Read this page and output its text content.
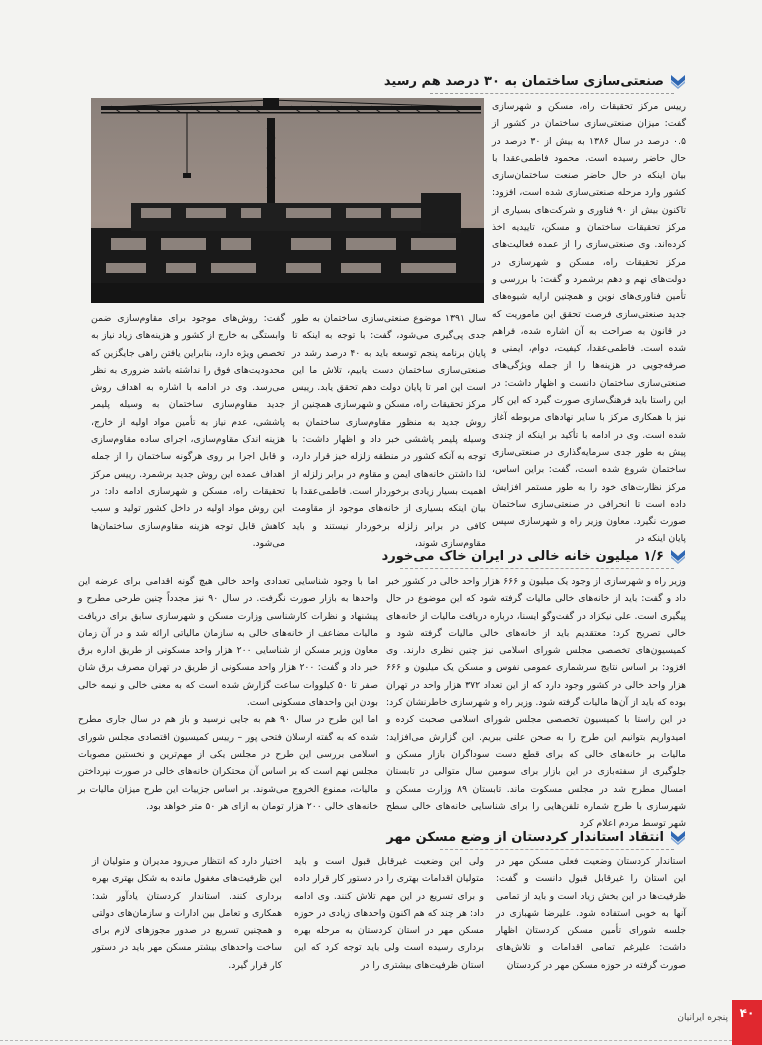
صنعتی‌سازی ساختمان به ۳۰ درصد هم رسید

رییس مرکز تحقیقات راه، مسکن و شهرسازی گفت: میزان صنعتی‌سازی ساختمان در کشور از ۰.۵ درصد در سال ۱۳۸۶ به بیش از ۳۰ درصد در حال حاضر رسیده است. محمود فاطمی‌عقدا با بیان اینکه در حال حاضر صنعت ساختمان‌سازی کشور وارد مرحله صنعتی‌سازی شده است، افزود: تاکنون بیش از ۹۰ فناوری و شرکت‌های بسیاری از مرکز تحقیقات ساختمان و مسکن، تاییدیه اخذ کرده‌اند. وی صنعتی‌سازی را از عمده فعالیت‌های مرکز تحقیقات راه، مسکن و شهرسازی در دولت‌های نهم و دهم برشمرد و گفت: با بررسی و تأمین فناوری‌های نوین و همچنین ارایه شیوه‌های جدید صنعتی‌سازی فرصت تحقق این ماموریت که در قانون به صراحت به آن اشاره شده، فراهم شده است. فاطمی‌عقدا، کیفیت، دوام، ایمنی و صرفه‌جویی در هزینه‌ها را از جمله ویژگی‌های صنعتی‌سازی ساختمان دانست و اظهار داشت: در این راستا باید فرهنگ‌سازی صورت گیرد که این کار نیز با همکاری مرکز با سایر نهادهای مربوطه آغاز شده است. وی در ادامه با تأکید بر اینکه از چندی پیش به طور جدی سرمایه‌گذاری در صنعتی‌سازی ساختمان شروع شده است، گفت: براین اساس، مرکز نظارت‌های خود را به طور مستمر افزایش داده است تا انحرافی در صنعتی‌سازی ساختمان صورت نگیرد. معاون وزیر راه و شهرسازی سپس پایان اینکه در

سال ۱۳۹۱ موضوع صنعتی‌سازی ساختمان به طور جدی پی‌گیری می‌شود، گفت: با توجه به اینکه تا پایان برنامه پنجم توسعه باید به ۴۰ درصد رشد در صنعتی‌سازی ساختمان دست یابیم، تلاش ما این است این امر تا پایان دولت دهم تحقق یابد. رییس مرکز تحقیقات راه، مسکن و شهرسازی همچنین از روش جدید به منظور مقاوم‌سازی ساختمان به وسیله پلیمر پاششی خبر داد و اظهار داشت: با توجه به آنکه کشور در منطقه زلزله خیز قرار دارد، لذا داشتن خانه‌های ایمن و مقاوم در برابر زلزله از اهمیت بسیار زیادی برخوردار است. فاطمی‌عقدا با بیان اینکه بسیاری از خانه‌های موجود از مقاومت کافی در برابر زلزله برخوردار نیستند و باید مقاوم‌سازی شوند،

گفت: روش‌های موجود برای مقاوم‌سازی ضمن وابستگی به خارج از کشور و هزینه‌های زیاد نیاز به تخصص ویژه دارد، بنابراین یافتن راهی جایگزین که محدودیت‌های فوق را نداشته باشد ضروری به نظر می‌رسد. وی در ادامه با اشاره به اهداف روش جدید مقاوم‌سازی ساختمان به وسیله پلیمر پاششی، عدم نیاز به تأمین مواد اولیه از خارج، هزینه اندک مقاوم‌سازی، اجرای ساده مقاوم‌سازی و قابل اجرا بر روی هرگونه ساختمان را از جمله اهداف عمده این روش جدید برشمرد. رییس مرکز تحقیقات راه، مسکن و شهرسازی ادامه داد: در این روش مواد اولیه در داخل کشور تولید و سبب کاهش قابل توجه هزینه مقاوم‌سازی ساختمان‌ها می‌شود.

۱/۶ میلیون خانه خالی در ایران خاک می‌خورد

وزیر راه و شهرسازی از وجود یک میلیون و ۶۶۶ هزار واحد خالی در کشور خبر داد و گفت: باید از خانه‌های خالی مالیات گرفته شود که این موضوع در حال پیگیری است. علی نیکزاد در گفت‌وگو ایسنا، درباره دریافت مالیات از خانه‌های خالی تصریح کرد: معتقدیم باید از خانه‌های خالی مالیات گرفته شود و کمیسیون‌های تخصصی مجلس شورای اسلامی نیز چنین نظری دارند. وی افزود: بر اساس نتایج سرشماری عمومی نفوس و مسکن یک میلیون و ۶۶۶ هزار واحد خالی در کشور وجود دارد که از این تعداد ۳۷۲ هزار واحد در تهران بوده که باید از آن‌ها مالیات گرفته شود. وزیر راه و شهرسازی خاطرنشان کرد: در این راستا با کمیسیون تخصصی مجلس شورای اسلامی صحبت کرده و امیدواریم بتوانیم این طرح را به صحن علنی ببریم. این گزارش می‌افزاید: مالیات بر خانه‌های خالی که برای قطع دست سوداگران بازار مسکن و جلوگیری از سفته‌بازی در این بازار برای سومین سال متوالی در تابستان امسال مطرح شد در مجلس مسکوت ماند. تابستان ۸۹ وزارت مسکن و شهرسازی با طرح شماره تلفن‌هایی را برای شناسایی خانه‌های خالی سطح شهر توسط مردم اعلام کرد

اما با وجود شناسایی تعدادی واحد خالی هیچ گونه اقدامی برای عرضه این واحدها به بازار صورت نگرفت. در سال ۹۰ نیز مجدداً چنین طرحی مطرح و پیشنهاد و نظرات کارشناسی وزارت مسکن و شهرسازی سابق برای دریافت مالیات مضاعف از خانه‌های خالی به سازمان مالیاتی ارائه شد و در آن زمان معاون وزیر مسکن از شناسایی ۲۰۰ هزار واحد مسکونی از طریق اداره برق خبر داد و گفت: ۲۰۰ هزار واحد مسکونی از طریق در تهران مصرف برق شان صفر تا ۵۰ کیلووات ساعت گزارش شده است که به معنی خالی و نیمه خالی بودن این واحدهای مسکونی است.

اما این طرح در سال ۹۰ هم به جایی نرسید و باز هم در سال جاری مطرح شده که به گفته ارسلان فتحی پور – رییس کمیسیون اقتصادی مجلس شورای اسلامی بررسی این طرح در مجلس یکی از مهم‌ترین و نخستین مصوبات مجلس نهم است که بر اساس آن محتکران خانه‌های خالی در صورت نپرداختن مالیات، ممنوع الخروج می‌شوند. بر اساس جزییات این طرح میزان مالیات بر خانه‌های خالی ۲۰۰ هزار تومان به ازای هر ۵۰ متر خواهد بود.

انتقاد استاندار کردستان از وضع مسکن مهر

استاندار کردستان وضعیت فعلی مسکن مهر در این استان را غیرقابل قبول دانست و گفت: ظرفیت‌ها در این بخش زیاد است و باید از تمامی آنها به خوبی استفاده شود. علیرضا شهبازی در جلسه شورای تأمین مسکن کردستان اظهار داشت: علیرغم تمامی اقدامات و تلاش‌های صورت گرفته در حوزه مسکن مهر در کردستان

ولی این وضعیت غیرقابل قبول است و باید متولیان اقدامات بهتری را در دستور کار قرار داده و برای تسریع در این مهم تلاش کنند. وی ادامه داد: هر چند که هم اکنون واحدهای زیادی در حوزه مسکن مهر در استان کردستان به مرحله بهره برداری رسیده است ولی باید توجه کرد که این استان ظرفیت‌های بیشتری را در

اختیار دارد که انتظار می‌رود مدیران و متولیان از این ظرفیت‌های مغفول مانده به شکل بهتری بهره برداری کنند. استاندار کردستان یادآور شد: همکاری و تعامل بین ادارات و سازمان‌های دولتی و همچنین تسریع در صدور مجوزهای لازم برای ساخت واحدهای بیشتر مسکن مهر باید در دستور کار قرار گیرد.

۴۰
پنجره ایرانیان
